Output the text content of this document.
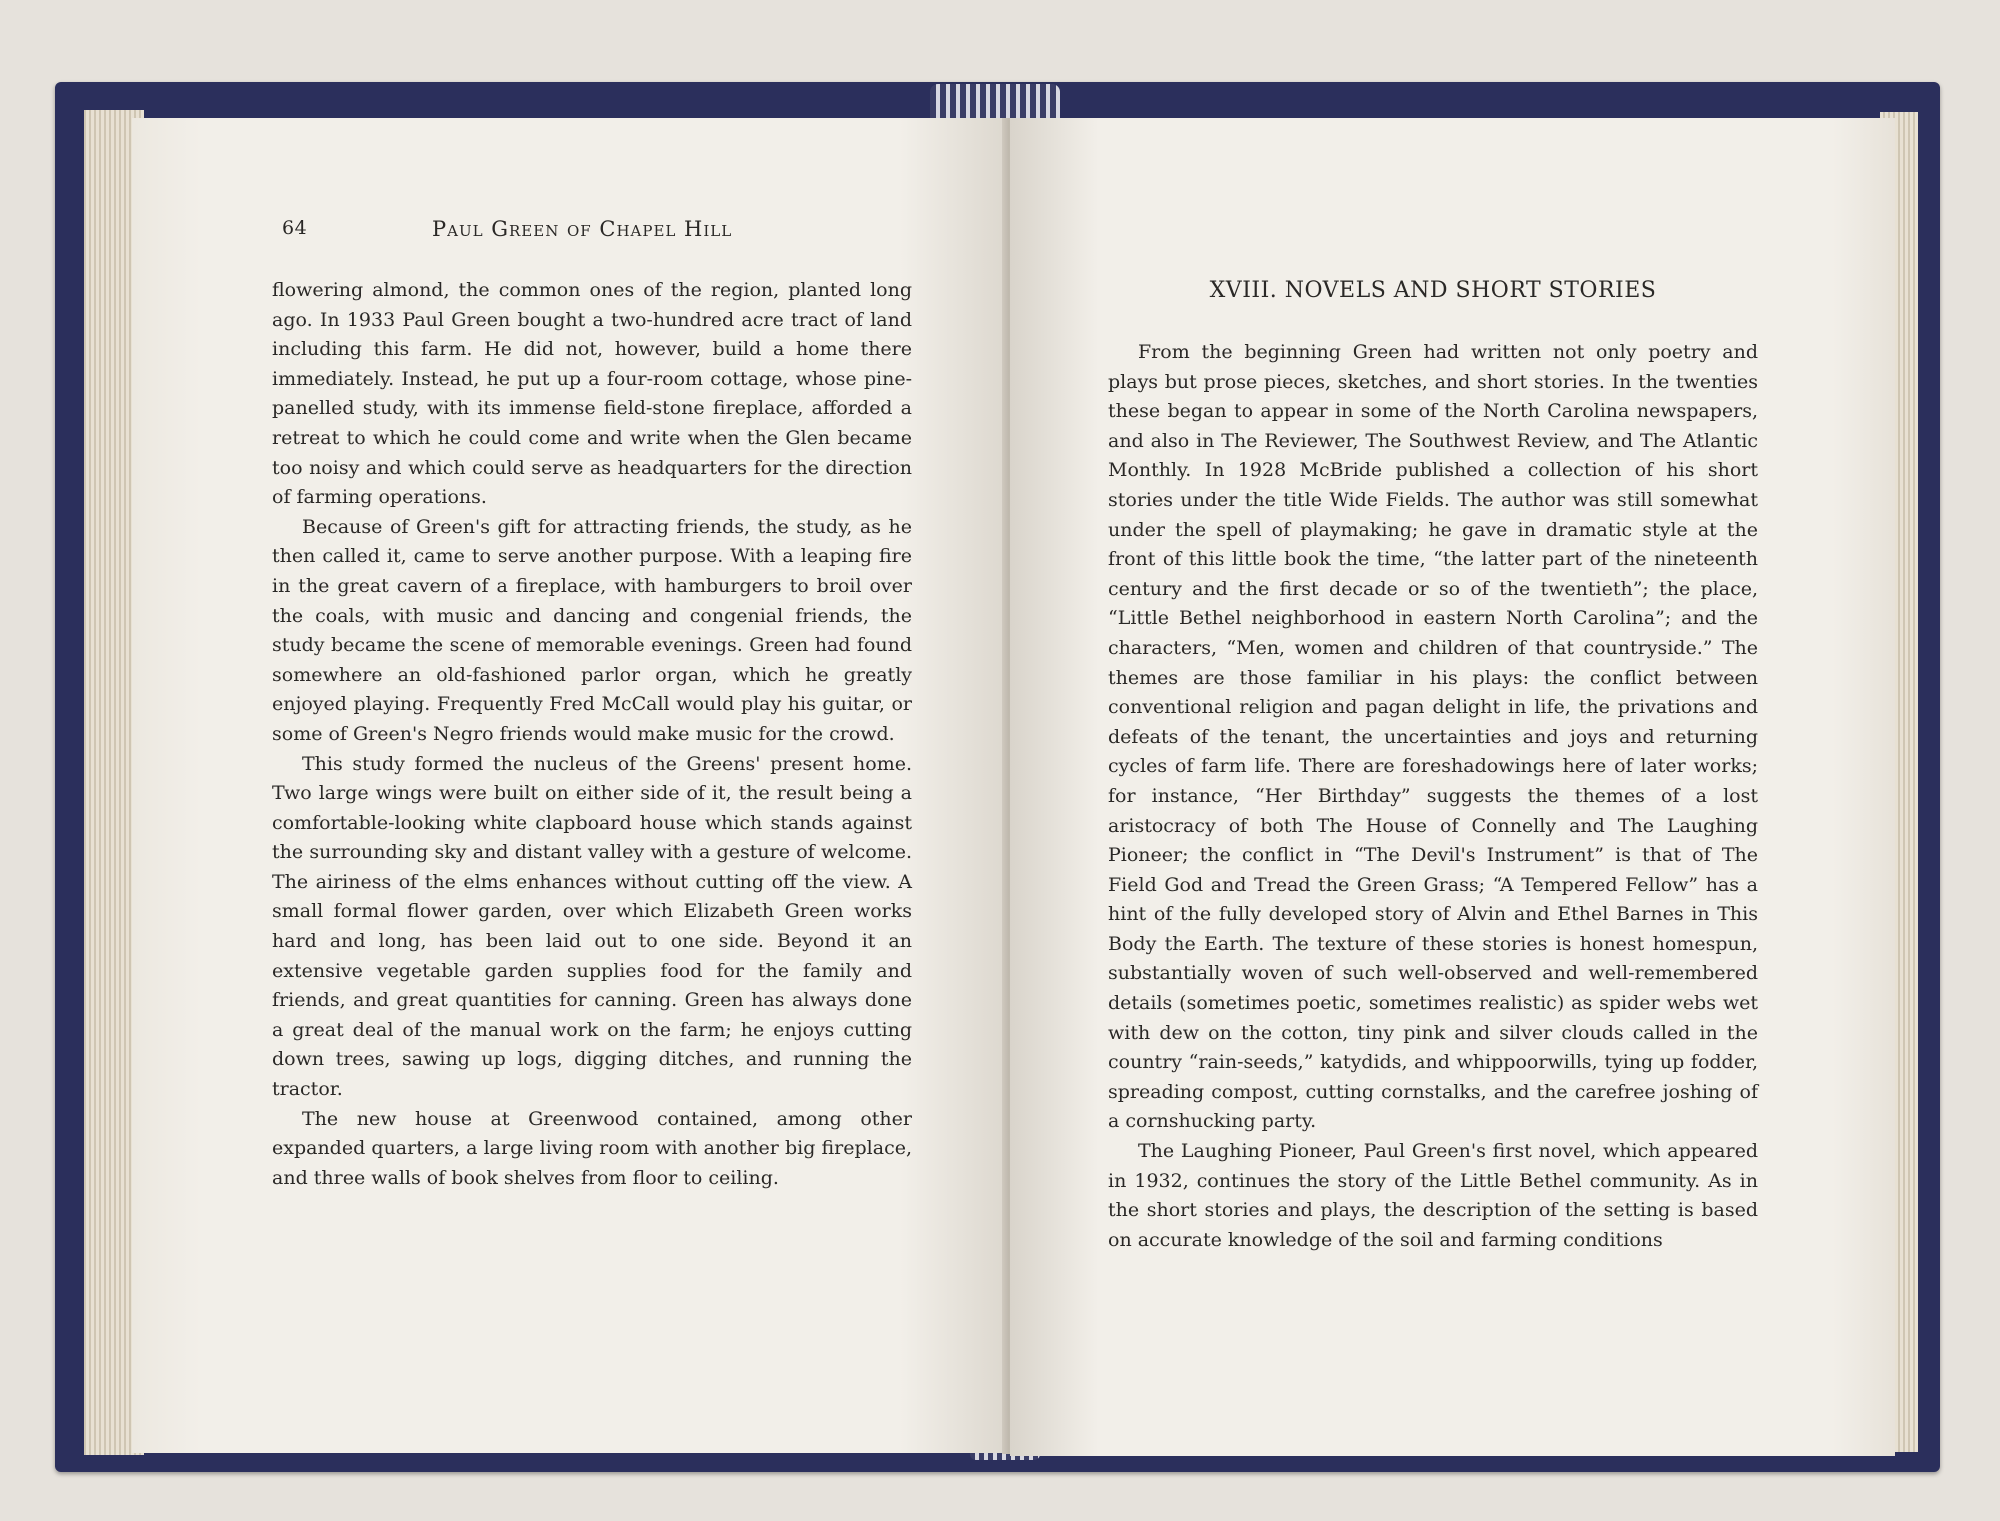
64	Paul Green of Chapel Hill

flowering almond, the common ones of the region, planted long ago. In 1933 Paul Green bought a two-hundred acre tract of land including this farm. He did not, however, build a home there immediately. Instead, he put up a four-room cottage, whose pine-panelled study, with its immense field-stone fireplace, afforded a retreat to which he could come and write when the Glen became too noisy and which could serve as headquarters for the direction of farming operations.

Because of Green's gift for attracting friends, the study, as he then called it, came to serve another purpose. With a leaping fire in the great cavern of a fireplace, with hamburgers to broil over the coals, with music and dancing and congenial friends, the study became the scene of memorable evenings. Green had found somewhere an old-fashioned parlor organ, which he greatly enjoyed playing. Frequently Fred McCall would play his guitar, or some of Green's Negro friends would make music for the crowd.

This study formed the nucleus of the Greens' present home. Two large wings were built on either side of it, the result being a comfortable-looking white clapboard house which stands against the surrounding sky and distant valley with a gesture of welcome. The airiness of the elms enhances without cutting off the view. A small formal flower garden, over which Elizabeth Green works hard and long, has been laid out to one side. Beyond it an extensive vegetable garden supplies food for the family and friends, and great quantities for canning. Green has always done a great deal of the manual work on the farm; he enjoys cutting down trees, sawing up logs, digging ditches, and running the tractor.

The new house at Greenwood contained, among other expanded quarters, a large living room with another big fireplace, and three walls of book shelves from floor to ceiling.

XVIII. NOVELS AND SHORT STORIES

From the beginning Green had written not only poetry and plays but prose pieces, sketches, and short stories. In the twenties these began to appear in some of the North Carolina newspapers, and also in The Reviewer, The Southwest Review, and The Atlantic Monthly. In 1928 McBride published a collection of his short stories under the title Wide Fields. The author was still somewhat under the spell of playmaking; he gave in dramatic style at the front of this little book the time, “the latter part of the nineteenth century and the first decade or so of the twentieth”; the place, “Little Bethel neighborhood in eastern North Carolina”; and the characters, “Men, women and children of that countryside.” The themes are those familiar in his plays: the conflict between conventional religion and pagan delight in life, the privations and defeats of the tenant, the uncertainties and joys and returning cycles of farm life. There are foreshadowings here of later works; for instance, “Her Birthday” suggests the themes of a lost aristocracy of both The House of Connelly and The Laughing Pioneer; the conflict in “The Devil's Instrument” is that of The Field God and Tread the Green Grass; “A Tempered Fellow” has a hint of the fully developed story of Alvin and Ethel Barnes in This Body the Earth. The texture of these stories is honest homespun, substantially woven of such well-observed and well-remembered details (sometimes poetic, sometimes realistic) as spider webs wet with dew on the cotton, tiny pink and silver clouds called in the country “rain-seeds,” katydids, and whippoorwills, tying up fodder, spreading compost, cutting cornstalks, and the carefree joshing of a cornshucking party.

The Laughing Pioneer, Paul Green's first novel, which appeared in 1932, continues the story of the Little Bethel community. As in the short stories and plays, the description of the setting is based on accurate knowledge of the soil and farming conditions
